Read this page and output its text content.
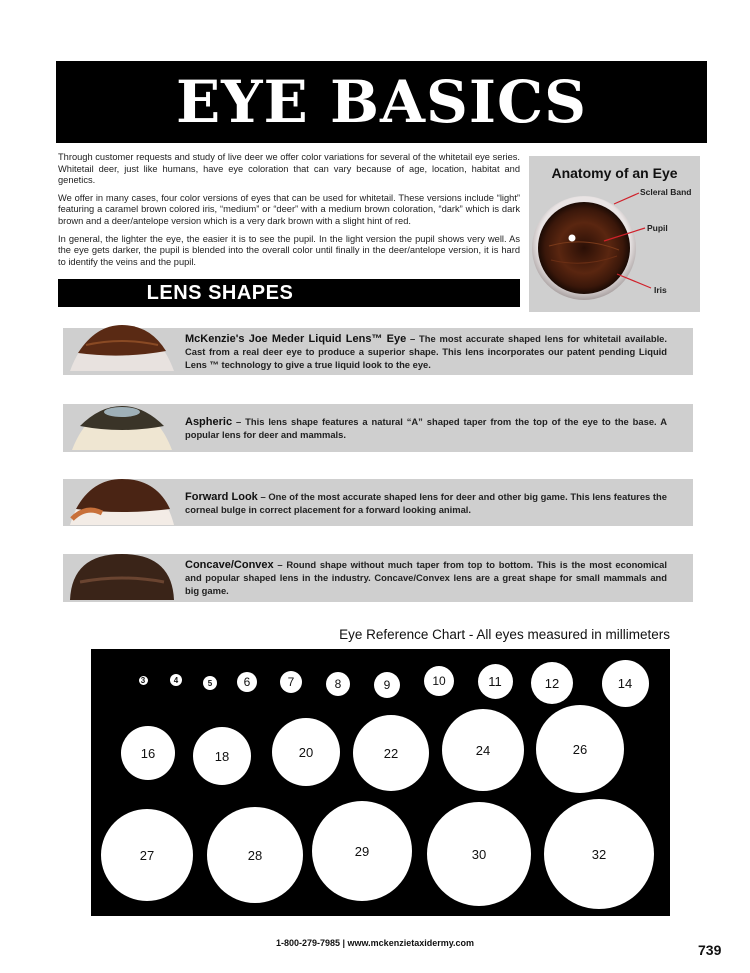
EYE BASICS

Through customer requests and study of live deer we offer color variations for several of the whitetail eye series. Whitetail deer, just like humans, have eye coloration that can vary because of age, location, habitat and genetics.

We offer in many cases, four color versions of eyes that can be used for whitetail. These versions include “light” featuring a caramel brown colored iris, “medium” or “deer” with a medium brown coloration, “dark” which is dark brown and a deer/antelope version which is a very dark brown with a slight hint of red.

In general, the lighter the eye, the easier it is to see the pupil. In the light version the pupil shows very well. As the eye gets darker, the pupil is blended into the overall color until finally in the deer/antelope version, it is hard to identify the veins and the pupil.

Anatomy of an Eye
Scleral Band
Pupil
Iris
LENS SHAPES
McKenzie's Joe Meder Liquid Lens™ Eye – The most accurate shaped lens for whitetail available. Cast from a real deer eye to produce a superior shape. This lens incorporates our patent pending Liquid Lens ™ technology to give a true liquid look to the eye.
Aspheric – This lens shape features a natural “A” shaped taper from the top of the eye to the base. A popular lens for deer and mammals.
Forward Look – One of the most accurate shaped lens for deer and other big game. This lens features the corneal bulge in correct placement for a forward looking animal.
Concave/Convex – Round shape without much taper from top to bottom. This is the most economical and popular shaped lens in the industry. Concave/Convex lens are a great shape for small mammals and big game.
Eye Reference Chart - All eyes measured in millimeters
3	4	5	6	7	8	9	10	11	12	14
16	18	20	22	24	26
27	28	29	30	32
1-800-279-7985 | www.mckenzietaxidermy.com	739
